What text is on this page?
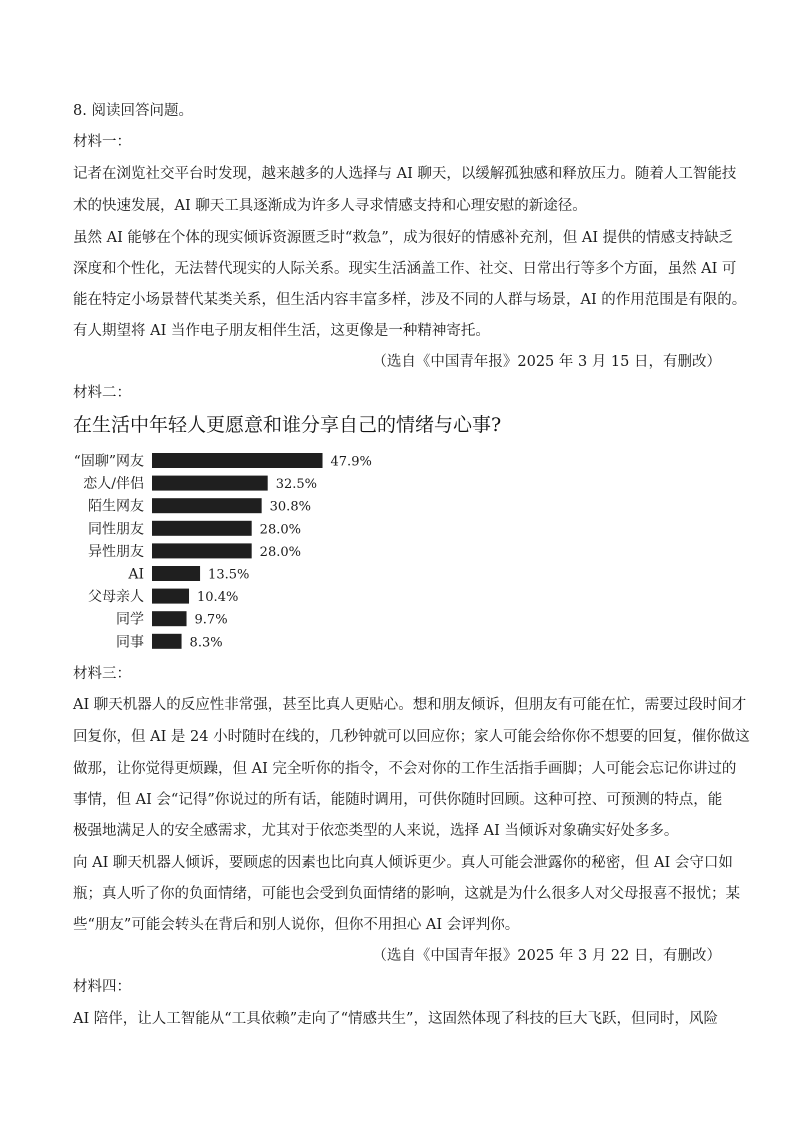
8. 阅读回答问题。
材料一：
记者在浏览社交平台时发现，越来越多的人选择与 AI 聊天，以缓解孤独感和释放压力。随着人工智能技
术的快速发展，AI 聊天工具逐渐成为许多人寻求情感支持和心理安慰的新途径。
虽然 AI 能够在个体的现实倾诉资源匮乏时“救急”，成为很好的情感补充剂，但 AI 提供的情感支持缺乏
深度和个性化，无法替代现实的人际关系。现实生活涵盖工作、社交、日常出行等多个方面，虽然 AI 可
能在特定小场景替代某类关系，但生活内容丰富多样，涉及不同的人群与场景，AI 的作用范围是有限的。
有人期望将 AI 当作电子朋友相伴生活，这更像是一种精神寄托。
（选自《中国青年报》2025 年 3 月 15 日，有删改）
材料二：
在生活中年轻人更愿意和谁分享自己的情绪与心事?
“固聊”网友	47.9%
恋人/伴侣	32.5%
陌生网友	30.8%
同性朋友	28.0%
异性朋友	28.0%
AI	13.5%
父母亲人	10.4%
同学	9.7%
同事	8.3%
材料三：
AI 聊天机器人的反应性非常强，甚至比真人更贴心。想和朋友倾诉，但朋友有可能在忙，需要过段时间才
回复你，但 AI 是 24 小时随时在线的，几秒钟就可以回应你；家人可能会给你你不想要的回复，催你做这
做那，让你觉得更烦躁，但 AI 完全听你的指令，不会对你的工作生活指手画脚；人可能会忘记你讲过的
事情，但 AI 会“记得”你说过的所有话，能随时调用，可供你随时回顾。这种可控、可预测的特点，能
极强地满足人的安全感需求，尤其对于依恋类型的人来说，选择 AI 当倾诉对象确实好处多多。
向 AI 聊天机器人倾诉，要顾虑的因素也比向真人倾诉更少。真人可能会泄露你的秘密，但 AI 会守口如
瓶；真人听了你的负面情绪，可能也会受到负面情绪的影响，这就是为什么很多人对父母报喜不报忧；某
些“朋友”可能会转头在背后和别人说你，但你不用担心 AI 会评判你。
（选自《中国青年报》2025 年 3 月 22 日，有删改）
材料四：
AI 陪伴，让人工智能从“工具依赖”走向了“情感共生”，这固然体现了科技的巨大飞跃，但同时，风险
